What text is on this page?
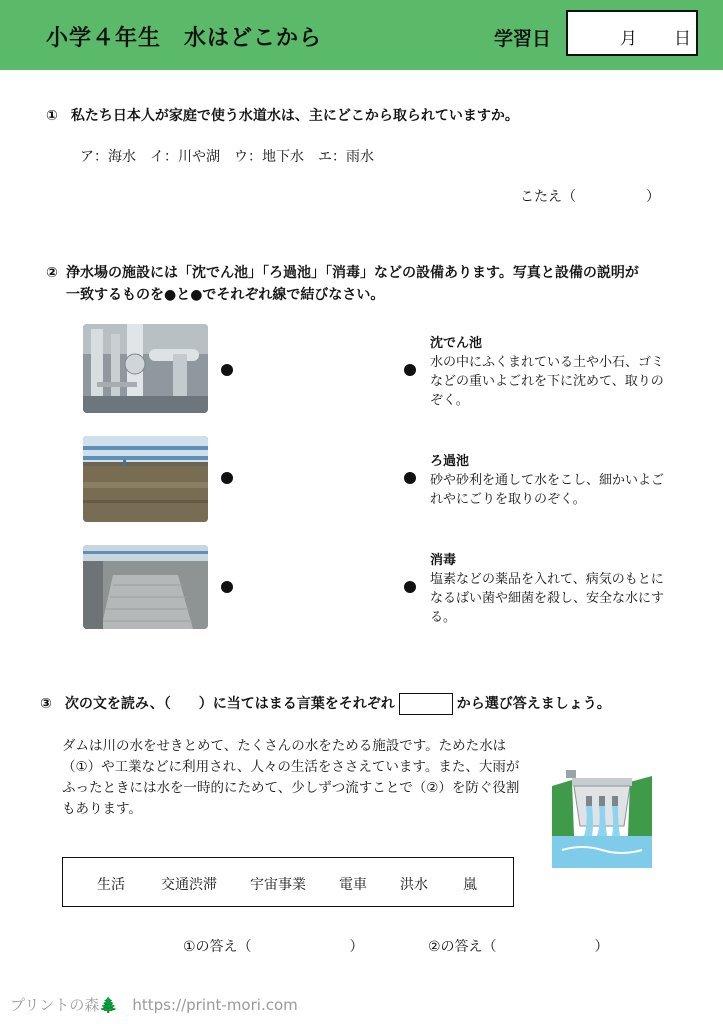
小学４年生　水はどこから	学習日	月 日
① 私たち日本人が家庭で使う水道水は、主にどこから取られていますか。
ア：海水　イ：川や湖　ウ：地下水　エ：雨水
こたえ（　　　　　）
② 浄水場の施設には「沈でん池」「ろ過池」「消毒」などの設備あります。写真と設備の説明が
一致するものを●と●でそれぞれ線で結びなさい。
沈でん池
水の中にふくまれている土や小石、ゴミなどの重いよごれを下に沈めて、取りのぞく。
ろ過池
砂や砂利を通して水をこし、細かいよごれやにごりを取りのぞく。
消毒
塩素などの薬品を入れて、病気のもとになるばい菌や細菌を殺し、安全な水にする。
③ 次の文を読み、（　　）に当てはまる言葉をそれぞれ	から選び答えましょう。
ダムは川の水をせきとめて、たくさんの水をためる施設です。ためた水は（①）や工業などに利用され、人々の生活をささえています。また、大雨がふったときには水を一時的にためて、少しずつ流すことで（②）を防ぐ役割もあります。
生活	交通渋滞 宇宙事業 電車 洪水	嵐
①の答え（　　　　　　　）	②の答え（　　　　　　　）
プリントの森🌲 https://print-mori.com
